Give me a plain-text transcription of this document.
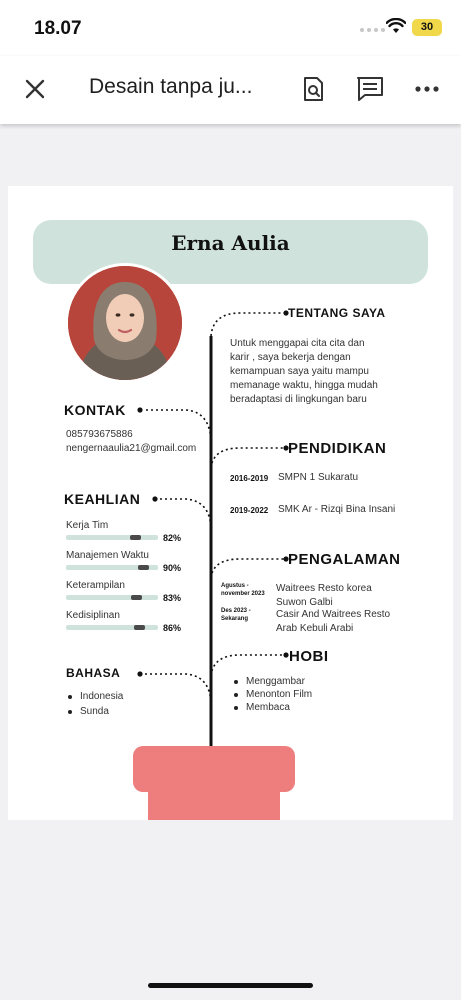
18.07	30
Desain tanpa ju...
Erna Aulia
KONTAK
085793675886
nengernaaulia21@gmail.com
KEAHLIAN
Kerja Tim
82%
Manajemen Waktu
90%
Keterampilan
83%
Kedisiplinan
86%
BAHASA
Indonesia
Sunda
TENTANG SAYA
Untuk menggapai cita cita dan
karir , saya bekerja dengan
kemampuan saya yaitu mampu
memanage waktu, hingga mudah
beradaptasi di lingkungan baru
PENDIDIKAN
2016-2019 SMPN 1 Sukaratu
2019-2022 SMK Ar - Rizqi Bina Insani
PENGALAMAN
Agustus -
november 2023 Waitrees Resto korea
Suwon Galbi
Des 2023 -
Sekarang	Casir And Waitrees Resto
Arab Kebuli Arabi
HOBI
Menggambar
Menonton Film
Membaca
